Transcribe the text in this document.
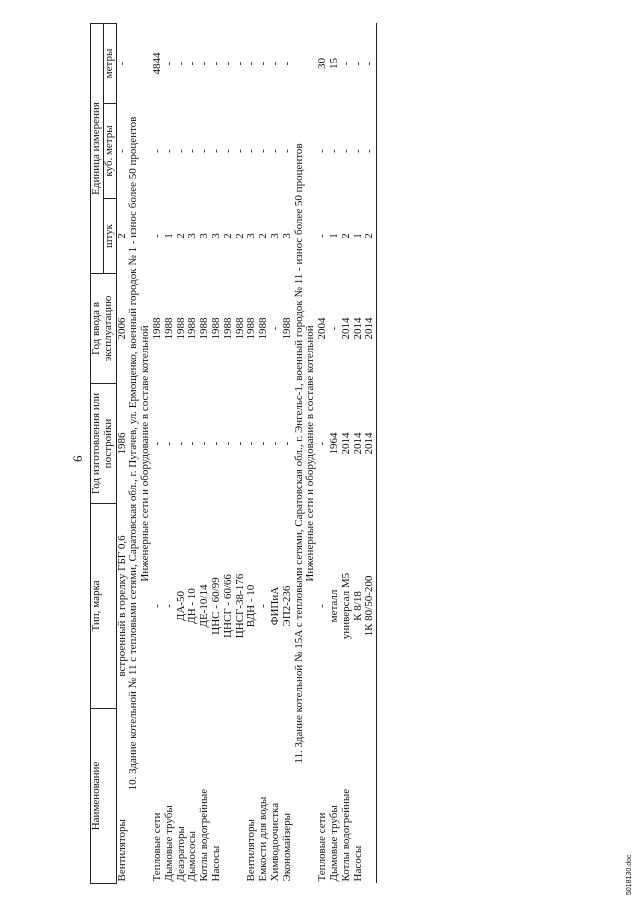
6
Наименование	Тип, марка	Год изготовления или постройки	Год ввода в эксплуатацию	Единица измерения		
				штук	куб. метры	метры
Вентиляторы	встроенный в горелку ГБГ 0,6	1986	2006	2	-	-
10. Здание котельной № 11 с тепловыми сетями, Саратовская обл., г. Пугачев, ул. Ермощенко, военный городок № 1 - износ более 50 процентов						
Инженерные сети и оборудование в составе котельной						
Тепловые сети	-	-	1988	-	-	4844
Дымовые трубы	-	-	1988	1	-	-
Деаэраторы	ДА-50	-	1988	2	-	-
Дымососы	ДН - 10	-	1988	3	-	-
Котлы водогрейные	ДЕ-10/14	-	1988	3	-	-
Насосы	ЦНС - 60/99	-	1988	3	-	-
	ЦНСГ - 60/66	-	1988	2	-	-
	ЦНСГ-38-176	-	1988	2	-	-
Вентиляторы	ВДН - 10	-	1988	3	-	-
Емкости для воды	-	-	1988	2	-	-
Химводоочистка	ФИПиА	-	-	3	-	-
Экономайзеры	ЭП2-236	-	1988	3	-	-
11. Здание котельной № 15А с тепловыми сетями, Саратовская обл., г. Энгельс-1, военный городок № 11 - износ более 50 процентов						
Инженерные сети и оборудование в составе котельной						
Тепловые сети	-	-	2004	-	-	30
Дымовые трубы	металл	1964	-	1	-	15
Котлы водогрейные	универсал М5	2014	2014	2	-	-
Насосы	К 8/18	2014	2014	1	-	-
	1К 80/50-200	2014	2014	2	-	-
5018130.doc
